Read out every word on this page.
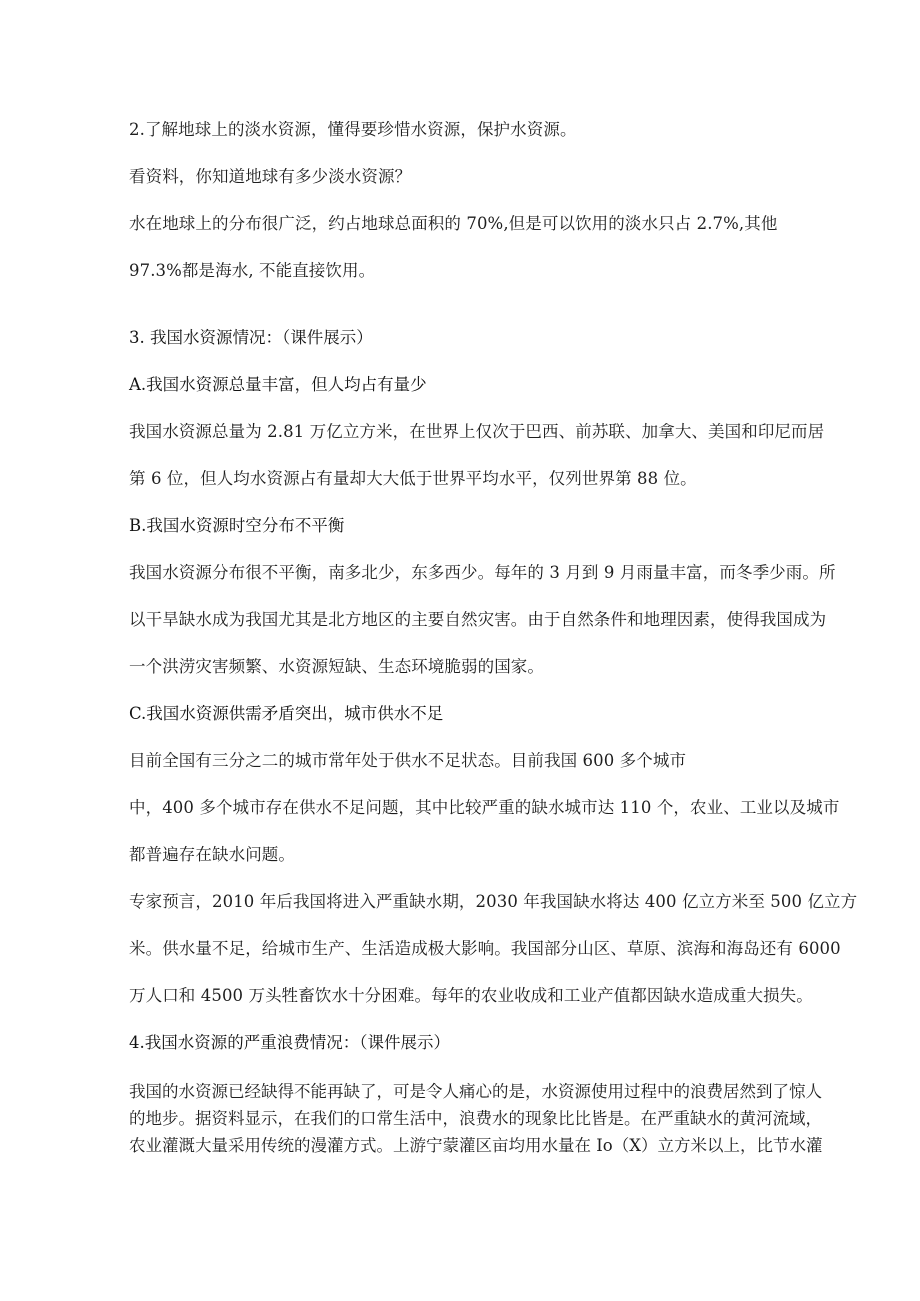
2.了解地球上的淡水资源，懂得要珍惜水资源，保护水资源。

看资料，你知道地球有多少淡水资源？

水在地球上的分布很广泛，约占地球总面积的 70%,但是可以饮用的淡水只占 2.7%,其他

97.3%都是海水, 不能直接饮用。

3. 我国水资源情况：（课件展示）

A.我国水资源总量丰富，但人均占有量少

我国水资源总量为 2.81 万亿立方米，在世界上仅次于巴西、前苏联、加拿大、美国和印尼而居

第 6 位，但人均水资源占有量却大大低于世界平均水平，仅列世界第 88 位。

B.我国水资源时空分布不平衡

我国水资源分布很不平衡，南多北少，东多西少。每年的 3 月到 9 月雨量丰富，而冬季少雨。所

以干旱缺水成为我国尤其是北方地区的主要自然灾害。由于自然条件和地理因素，使得我国成为

一个洪涝灾害频繁、水资源短缺、生态环境脆弱的国家。

C.我国水资源供需矛盾突出，城市供水不足

目前全国有三分之二的城市常年处于供水不足状态。目前我国 600 多个城市

中，400 多个城市存在供水不足问题，其中比较严重的缺水城市达 110 个，农业、工业以及城市

都普遍存在缺水问题。

专家预言，2010 年后我国将进入严重缺水期，2030 年我国缺水将达 400 亿立方米至 500 亿立方

米。供水量不足，给城市生产、生活造成极大影响。我国部分山区、草原、滨海和海岛还有 6000

万人口和 4500 万头牲畜饮水十分困难。每年的农业收成和工业产值都因缺水造成重大损失。

4.我国水资源的严重浪费情况：（课件展示）

我国的水资源已经缺得不能再缺了，可是令人痛心的是，水资源使用过程中的浪费居然到了惊人

的地步。据资料显示，在我们的口常生活中，浪费水的现象比比皆是。在严重缺水的黄河流域，

农业灌溉大量采用传统的漫灌方式。上游宁蒙灌区亩均用水量在 Io（X）立方米以上，比节水灌
